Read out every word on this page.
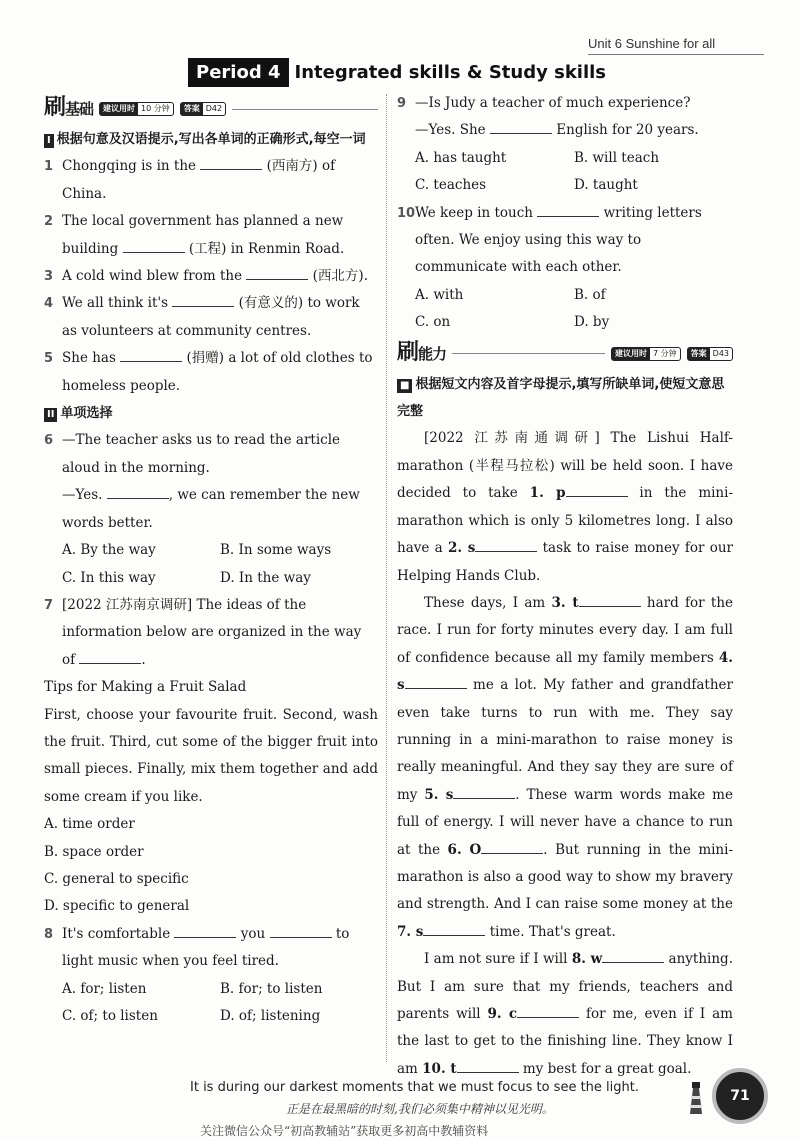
Unit 6 Sunshine for all
Period 4 Integrated skills & Study skills
刷基础	建议用时 10 分钟	答案 D42
I 根据句意及汉语提示,写出各单词的正确形式,每空一词
1 Chongqing is in the	(西南方) of China.
2 The local government has planned a new building	(工程) in Renmin Road.
3 A cold wind blew from the	(西北方).
4 We all think it's	(有意义的) to work as volunteers at community centres.
5 She has	(捐赠) a lot of old clothes to homeless people.
II 单项选择
6 —The teacher asks us to read the article aloud in the morning.
—Yes.	, we can remember the new words better.
A. By the way	B. In some ways
C. In this way	D. In the way
7 [2022 江苏南京调研] The ideas of the information below are organized in the way of	.
Tips for Making a Fruit Salad
First, choose your favourite fruit. Second, wash the fruit. Third, cut some of the bigger fruit into small pieces. Finally, mix them together and add some cream if you like.
A. time order
B. space order
C. general to specific
D. specific to general
8 It's comfortable	you	to light music when you feel tired.
A. for; listen	B. for; to listen
C. of; to listen	D. of; listening
9 —Is Judy a teacher of much experience?
—Yes. She	English for 20 years.
A. has taught	B. will teach
C. teaches	D. taught
10 We keep in touch	writing letters often. We enjoy using this way to communicate with each other.
A. with	B. of
C. on	D. by
刷能力	建议用时 7 分钟	答案 D43
■ 根据短文内容及首字母提示,填写所缺单词,使短文意思完整
[2022 江苏南通调研] The Lishui Half-marathon (半程马拉松) will be held soon. I have decided to take 1. p	in the mini-marathon which is only 5 kilometres long. I also have a 2. s	task to raise money for our Helping Hands Club.
These days, I am 3. t	hard for the race. I run for forty minutes every day. I am full of confidence because all my family members 4. s	me a lot. My father and grandfather even take turns to run with me. They say running in a mini-marathon to raise money is really meaningful. And they say they are sure of my 5. s	. These warm words make me full of energy. I will never have a chance to run at the 6. O	. But running in the mini-marathon is also a good way to show my bravery and strength. And I can raise some money at the 7. s	time. That's great.
I am not sure if I will 8. w	anything. But I am sure that my friends, teachers and parents will 9. c	for me, even if I am the last to get to the finishing line. They know I am 10. t	my best for a great goal.
It is during our darkest moments that we must focus to see the light.
正是在最黑暗的时刻,我们必须集中精神以见光明。
关注微信公众号“初高教辅站”获取更多初高中教辅资料
71
